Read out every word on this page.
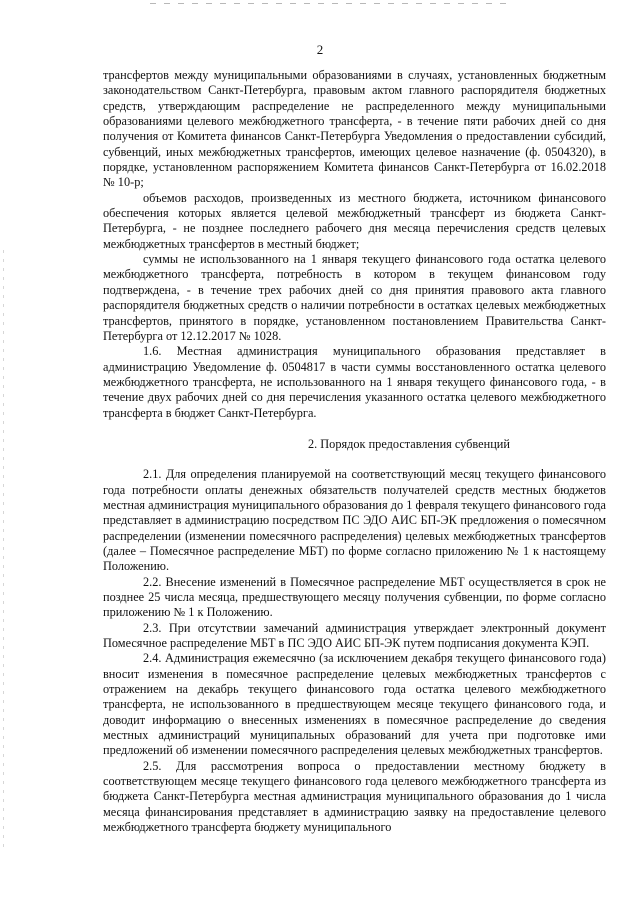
2

трансфертов между муниципальными образованиями в случаях, установленных бюджетным законодательством Санкт-Петербурга, правовым актом главного распорядителя бюджетных средств, утверждающим распределение не распределенного между муниципальными образованиями целевого межбюджетного трансферта, - в течение пяти рабочих дней со дня получения от Комитета финансов Санкт-Петербурга Уведомления о предоставлении субсидий, субвенций, иных межбюджетных трансфертов, имеющих целевое назначение (ф. 0504320), в порядке, установленном распоряжением Комитета финансов Санкт-Петербурга от 16.02.2018 № 10-р;

объемов расходов, произведенных из местного бюджета, источником финансового обеспечения которых является целевой межбюджетный трансферт из бюджета Санкт-Петербурга, - не позднее последнего рабочего дня месяца перечисления средств целевых межбюджетных трансфертов в местный бюджет;

суммы не использованного на 1 января текущего финансового года остатка целевого межбюджетного трансферта, потребность в котором в текущем финансовом году подтверждена, - в течение трех рабочих дней со дня принятия правового акта главного распорядителя бюджетных средств о наличии потребности в остатках целевых межбюджетных трансфертов, принятого в порядке, установленном постановлением Правительства Санкт-Петербурга от 12.12.2017 № 1028.

1.6. Местная администрация муниципального образования представляет в администрацию Уведомление ф. 0504817 в части суммы восстановленного остатка целевого межбюджетного трансферта, не использованного на 1 января текущего финансового года, - в течение двух рабочих дней со дня перечисления указанного остатка целевого межбюджетного трансферта в бюджет Санкт-Петербурга.

2. Порядок предоставления субвенций

2.1. Для определения планируемой на соответствующий месяц текущего финансового года потребности оплаты денежных обязательств получателей средств местных бюджетов местная администрация муниципального образования до 1 февраля текущего финансового года представляет в администрацию посредством ПС ЭДО АИС БП-ЭК предложения о помесячном распределении (изменении помесячного распределения) целевых межбюджетных трансфертов (далее – Помесячное распределение МБТ) по форме согласно приложению № 1 к настоящему Положению.

2.2. Внесение изменений в Помесячное распределение МБТ осуществляется в срок не позднее 25 числа месяца, предшествующего месяцу получения субвенции, по форме согласно приложению № 1 к Положению.

2.3. При отсутствии замечаний администрация утверждает электронный документ Помесячное распределение МБТ в ПС ЭДО АИС БП-ЭК путем подписания документа КЭП.

2.4. Администрация ежемесячно (за исключением декабря текущего финансового года) вносит изменения в помесячное распределение целевых межбюджетных трансфертов с отражением на декабрь текущего финансового года остатка целевого межбюджетного трансферта, не использованного в предшествующем месяце текущего финансового года, и доводит информацию о внесенных изменениях в помесячное распределение до сведения местных администраций муниципальных образований для учета при подготовке ими предложений об изменении помесячного распределения целевых межбюджетных трансфертов.

2.5. Для рассмотрения вопроса о предоставлении местному бюджету в соответствующем месяце текущего финансового года целевого межбюджетного трансферта из бюджета Санкт-Петербурга местная администрация муниципального образования до 1 числа месяца финансирования представляет в администрацию заявку на предоставление целевого межбюджетного трансферта бюджету муниципального
